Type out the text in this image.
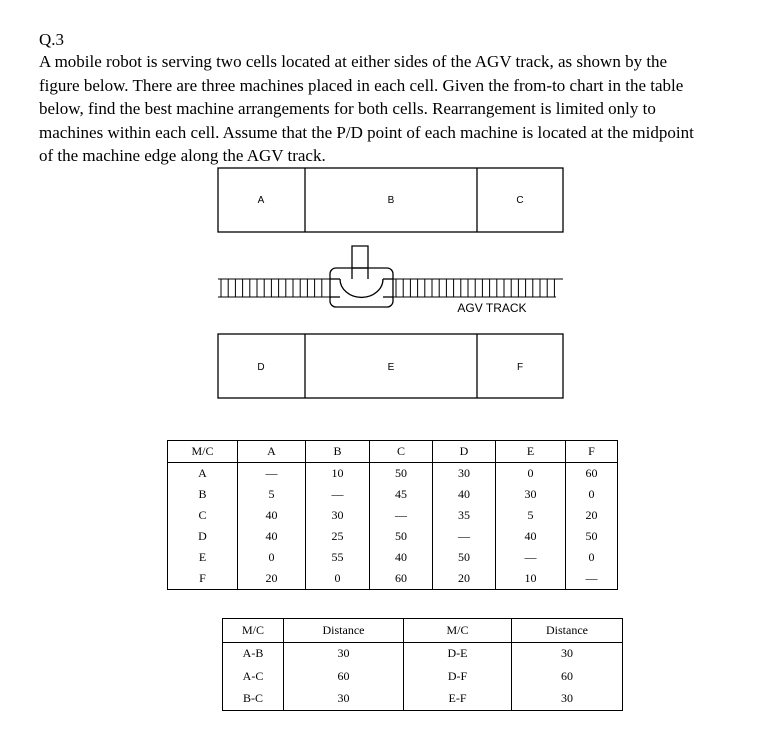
Q.3

A mobile robot is serving two cells located at either sides of the AGV track, as shown by the
figure below. There are three machines placed in each cell. Given the from-to chart in the table
below, find the best machine arrangements for both cells. Rearrangement is limited only to
machines within each cell. Assume that the P/D point of each machine is located at the midpoint
of the machine edge along the AGV track.

A	B	C
AGV TRACK
D	E	F
M/C	A	B	C	D	E	F
A	—	10	50	30	0	60
B	5	—	45	40	30	0
C	40	30	—	35	5	20
D	40	25	50	—	40	50
E	0	55	40	50	—	0
F	20	0	60	20	10	—
M/C	Distance	M/C	Distance
A-B	30	D-E	30
A-C	60	D-F	60
B-C	30	E-F	30
